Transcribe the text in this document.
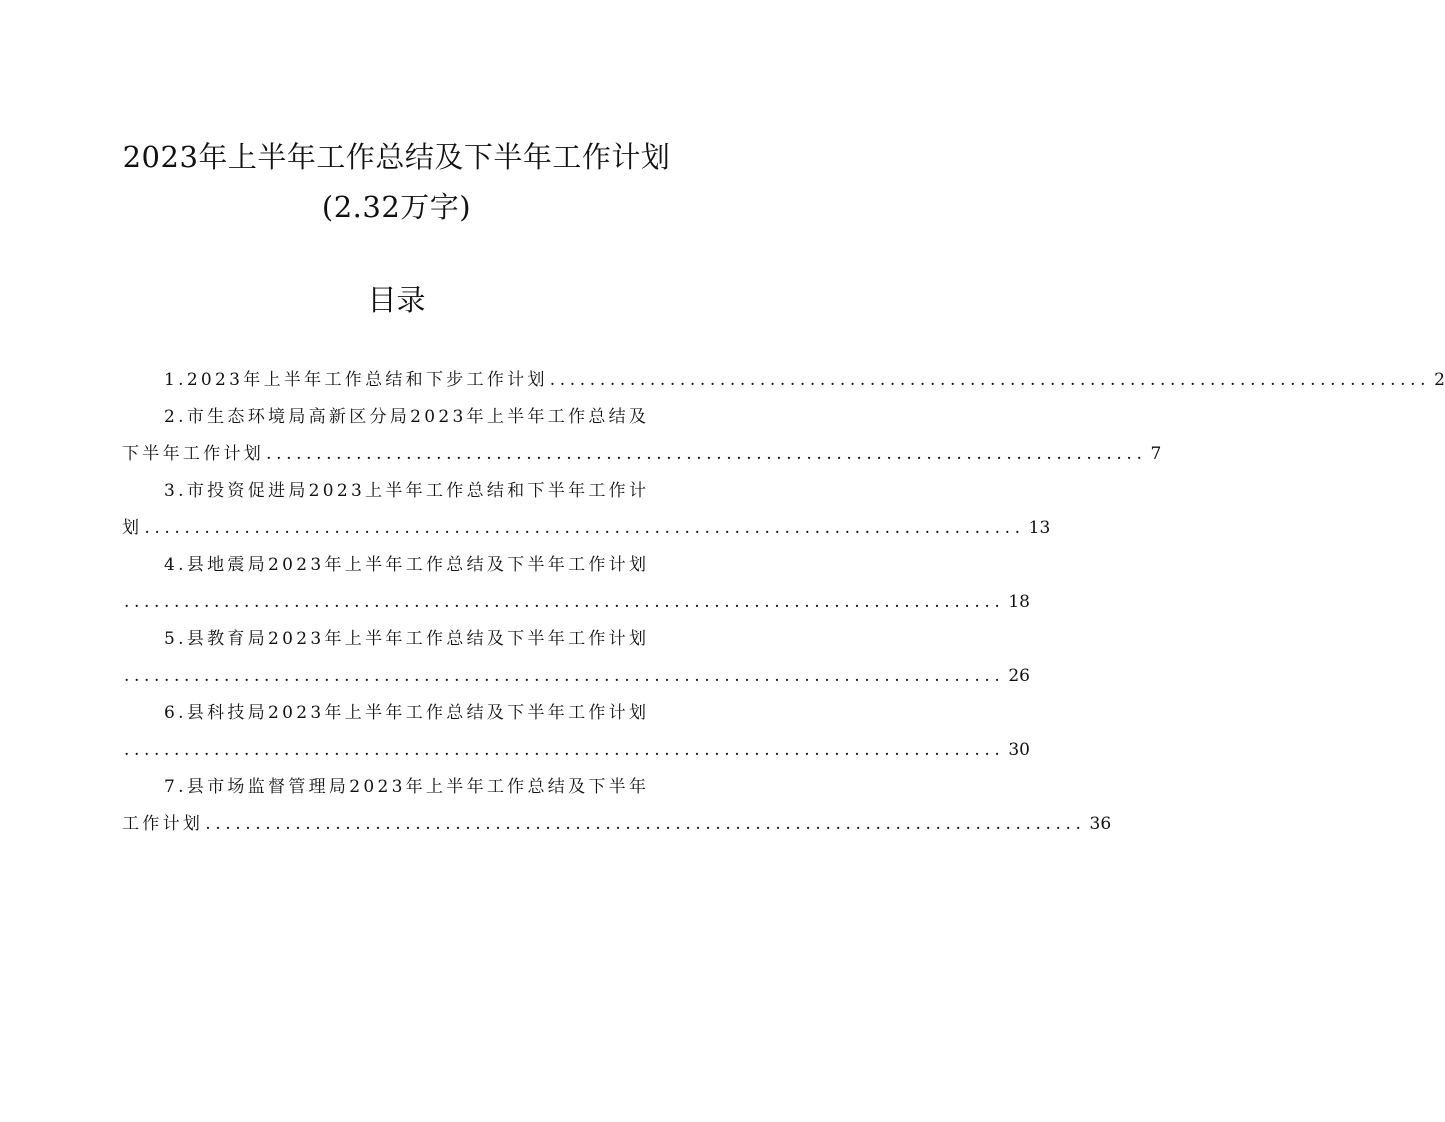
2023年上半年工作总结及下半年工作计划
(2.32万字)
目录
1.2023年上半年工作总结和下步工作计划 ........................................................................................ 2
2.市生态环境局高新区分局2023年上半年工作总结及
下半年工作计划 ........................................................................................ 7
3.市投资促进局2023上半年工作总结和下半年工作计
划 ........................................................................................ 13
4.县地震局2023年上半年工作总结及下半年工作计划
........................................................................................ 18
5.县教育局2023年上半年工作总结及下半年工作计划
........................................................................................ 26
6.县科技局2023年上半年工作总结及下半年工作计划
........................................................................................ 30
7.县市场监督管理局2023年上半年工作总结及下半年
工作计划 ........................................................................................ 36
